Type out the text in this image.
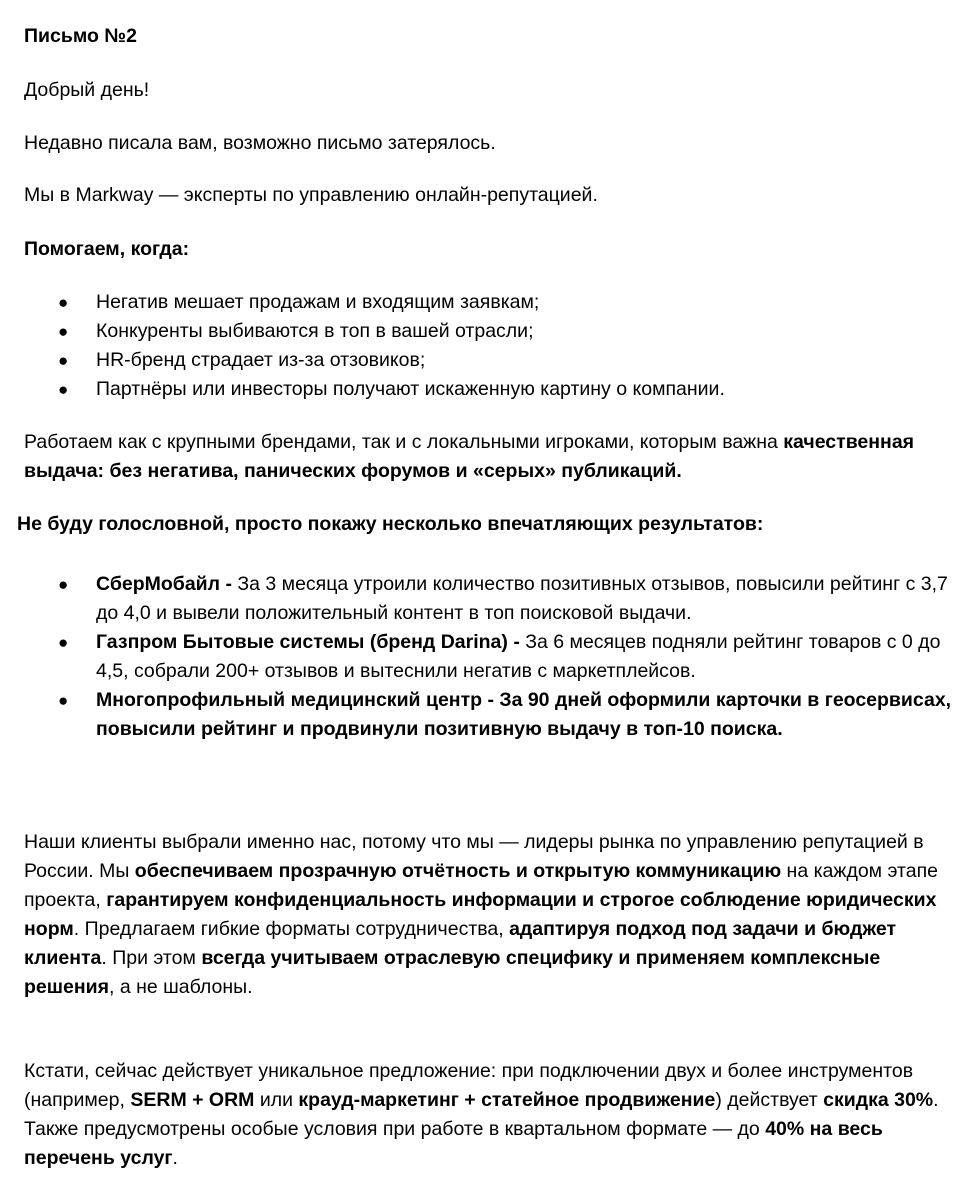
Письмо №2

Добрый день!

Недавно писала вам, возможно письмо затерялось.

Мы в Markway — эксперты по управлению онлайн-репутацией.

Помогаем, когда:

● Негатив мешает продажам и входящим заявкам;
● Конкуренты выбиваются в топ в вашей отрасли;
● HR-бренд страдает из-за отзовиков;
● Партнёры или инвесторы получают искаженную картину о компании.

Работаем как с крупными брендами, так и с локальными игроками, которым важна качественная выдача: без негатива, панических форумов и «серых» публикаций.

Не буду голословной, просто покажу несколько впечатляющих результатов:

● СберМобайл - За 3 месяца утроили количество позитивных отзывов, повысили рейтинг с 3,7 до 4,0 и вывели положительный контент в топ поисковой выдачи.
● Газпром Бытовые системы (бренд Darina) - За 6 месяцев подняли рейтинг товаров с 0 до 4,5, собрали 200+ отзывов и вытеснили негатив с маркетплейсов.
● Многопрофильный медицинский центр - За 90 дней оформили карточки в геосервисах, повысили рейтинг и продвинули позитивную выдачу в топ-10 поиска.

Наши клиенты выбрали именно нас, потому что мы — лидеры рынка по управлению репутацией в России. Мы обеспечиваем прозрачную отчётность и открытую коммуникацию на каждом этапе проекта, гарантируем конфиденциальность информации и строгое соблюдение юридических норм. Предлагаем гибкие форматы сотрудничества, адаптируя подход под задачи и бюджет клиента. При этом всегда учитываем отраслевую специфику и применяем комплексные решения, а не шаблоны.

Кстати, сейчас действует уникальное предложение: при подключении двух и более инструментов (например, SERM + ORM или крауд-маркетинг + статейное продвижение) действует скидка 30%. Также предусмотрены особые условия при работе в квартальном формате — до 40% на весь перечень услуг.
